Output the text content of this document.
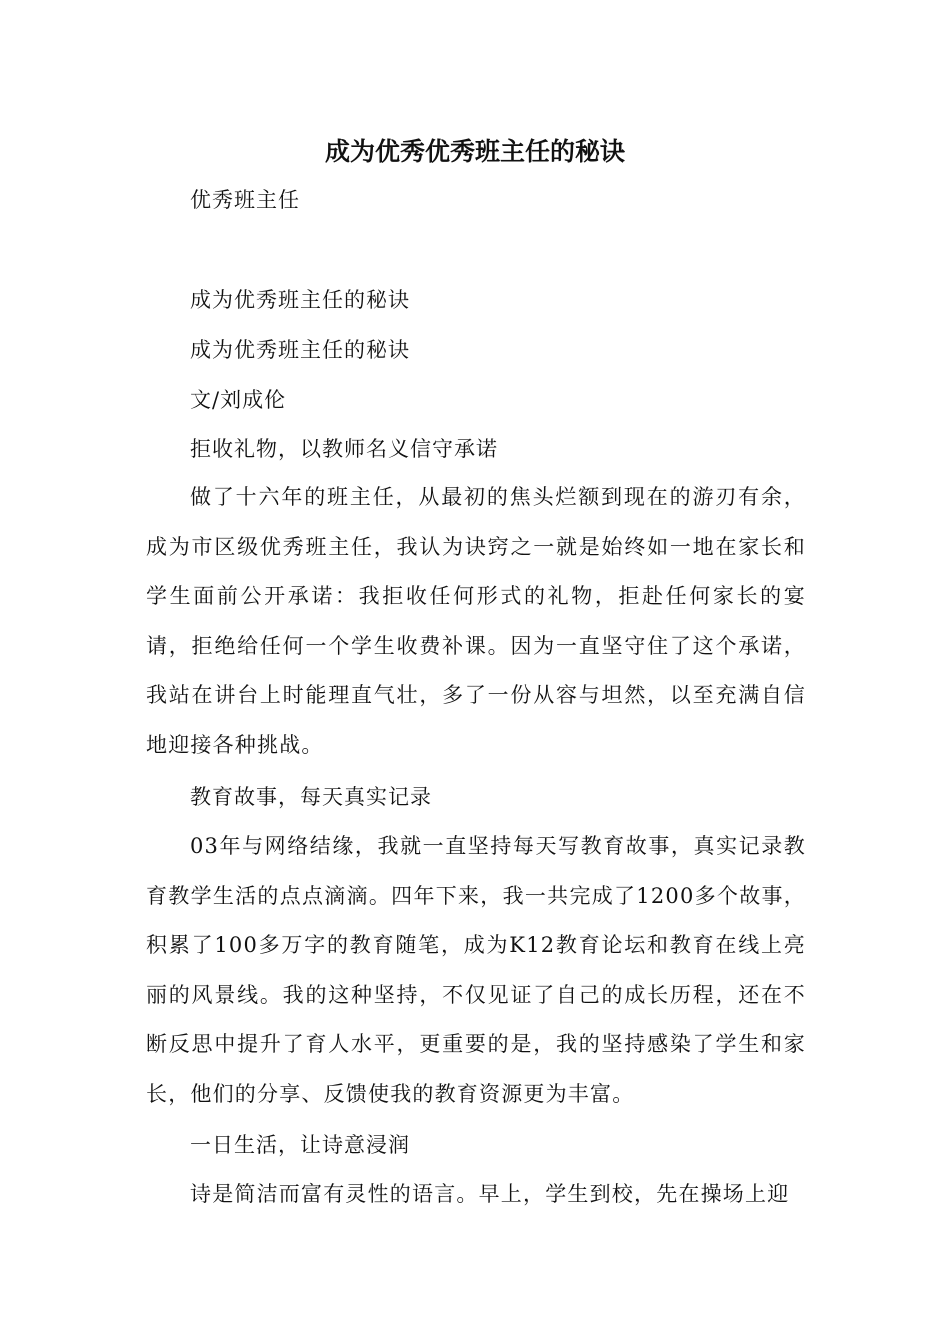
成为优秀优秀班主任的秘诀
优秀班主任
成为优秀班主任的秘诀
成为优秀班主任的秘诀
文/刘成伦
拒收礼物，以教师名义信守承诺
做了十六年的班主任，从最初的焦头烂额到现在的游刃有余，成为市区级优秀班主任，我认为诀窍之一就是始终如一地在家长和学生面前公开承诺：我拒收任何形式的礼物，拒赴任何家长的宴请，拒绝给任何一个学生收费补课。因为一直坚守住了这个承诺，我站在讲台上时能理直气壮，多了一份从容与坦然，以至充满自信地迎接各种挑战。
教育故事，每天真实记录
03年与网络结缘，我就一直坚持每天写教育故事，真实记录教育教学生活的点点滴滴。四年下来，我一共完成了1200多个故事，积累了100多万字的教育随笔，成为K12教育论坛和教育在线上亮丽的风景线。我的这种坚持，不仅见证了自己的成长历程，还在不断反思中提升了育人水平，更重要的是，我的坚持感染了学生和家长，他们的分享、反馈使我的教育资源更为丰富。
一日生活，让诗意浸润
诗是简洁而富有灵性的语言。早上，学生到校，先在操场上迎
